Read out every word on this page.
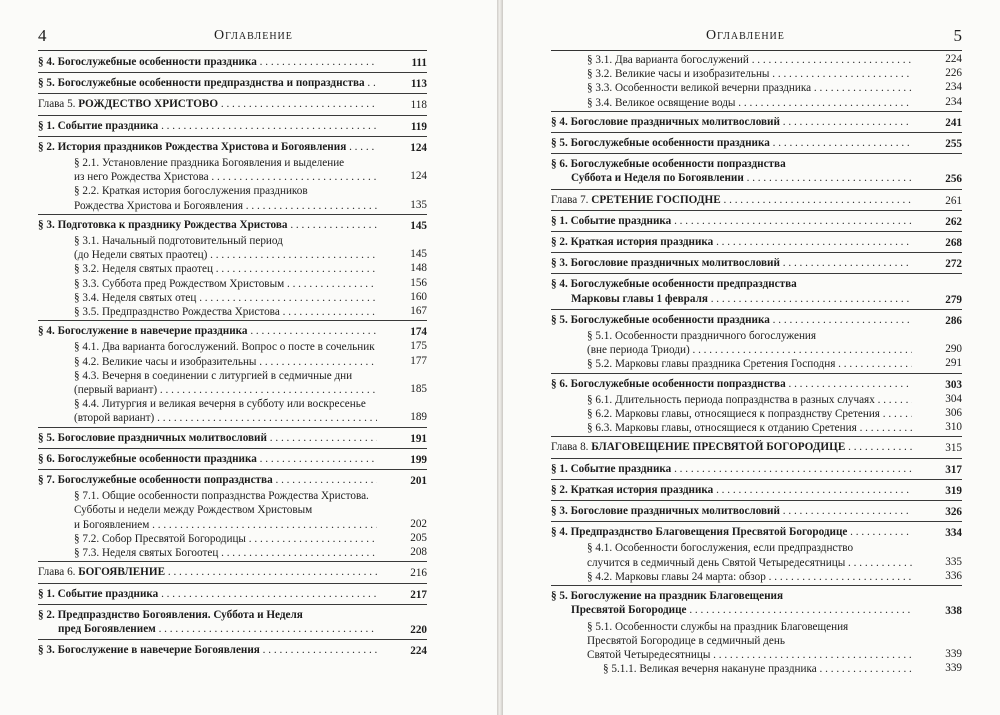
4	Оглавление
§ 4. Богослужебные особенности праздника . . .	111
§ 5. Богослужебные особенности предпразднства и попразднства . . .	113
Глава 5. РОЖДЕСТВО ХРИСТОВО . . .	118
§ 1. Событие праздника . . .	119
§ 2. История праздников Рождества Христова и Богоявления . . .	124
§ 2.1. Установление праздника Богоявления и выделение
из него Рождества Христова . . .	124
§ 2.2. Краткая история богослужения праздников
Рождества Христова и Богоявления . . .	135
§ 3. Подготовка к празднику Рождества Христова . . .	145
§ 3.1. Начальный подготовительный период
(до Недели святых праотец) . . .	145
§ 3.2. Неделя святых праотец . . .	148
§ 3.3. Суббота пред Рождеством Христовым . . .	156
§ 3.4. Неделя святых отец . . .	160
§ 3.5. Предпразднство Рождества Христова . . .	167
§ 4. Богослужение в навечерие праздника . . .	174
§ 4.1. Два варианта богослужений. Вопрос о посте в сочельник . . .	175
§ 4.2. Великие часы и изобразительны . . .	177
§ 4.3. Вечерня в соединении с литургией в седмичные дни
(первый вариант) . . .	185
§ 4.4. Литургия и великая вечерня в субботу или воскресенье
(второй вариант) . . .	189
§ 5. Богословие праздничных молитвословий . . .	191
§ 6. Богослужебные особенности праздника . . .	199
§ 7. Богослужебные особенности попразднства . . .	201
§ 7.1. Общие особенности попразднства Рождества Христова.
Субботы и недели между Рождеством Христовым
и Богоявлением . . .	202
§ 7.2. Собор Пресвятой Богородицы . . .	205
§ 7.3. Неделя святых Богоотец . . .	208
Глава 6. БОГОЯВЛЕНИЕ . . .	216
§ 1. Событие праздника . . .	217
§ 2. Предпразднство Богоявления. Суббота и Неделя
пред Богоявлением . . .	220
§ 3. Богослужение в навечерие Богоявления . . .	224
Оглавление	5
§ 3.1. Два варианта богослужений . . .	224
§ 3.2. Великие часы и изобразительны . . .	226
§ 3.3. Особенности великой вечерни праздника . . .	234
§ 3.4. Великое освящение воды . . .	234
§ 4. Богословие праздничных молитвословий . . .	241
§ 5. Богослужебные особенности праздника . . .	255
§ 6. Богослужебные особенности попразднства
Суббота и Неделя по Богоявлении . . .	256
Глава 7. СРЕТЕНИЕ ГОСПОДНЕ . . .	261
§ 1. Событие праздника . . .	262
§ 2. Краткая история праздника . . .	268
§ 3. Богословие праздничных молитвословий . . .	272
§ 4. Богослужебные особенности предпразднства
Марковы главы 1 февраля . . .	279
§ 5. Богослужебные особенности праздника . . .	286
§ 5.1. Особенности праздничного богослужения
(вне периода Триоди) . . .	290
§ 5.2. Марковы главы праздника Сретения Господня . . .	291
§ 6. Богослужебные особенности попразднства . . .	303
§ 6.1. Длительность периода попразднства в разных случаях . . .	304
§ 6.2. Марковы главы, относящиеся к попразднству Сретения . . .	306
§ 6.3. Марковы главы, относящиеся к отданию Сретения . . .	310
Глава 8. БЛАГОВЕЩЕНИЕ ПРЕСВЯТОЙ БОГОРОДИЦЕ . . .	315
§ 1. Событие праздника . . .	317
§ 2. Краткая история праздника . . .	319
§ 3. Богословие праздничных молитвословий . . .	326
§ 4. Предпразднство Благовещения Пресвятой Богородице . . .	334
§ 4.1. Особенности богослужения, если предпразднство
случится в седмичный день Святой Четыредесятницы . . .	335
§ 4.2. Марковы главы 24 марта: обзор . . .	336
§ 5. Богослужение на праздник Благовещения
Пресвятой Богородице . . .	338
§ 5.1. Особенности службы на праздник Благовещения
Пресвятой Богородице в седмичный день
Святой Четыредесятницы . . .	339
§ 5.1.1. Великая вечерня накануне праздника . . .	339
